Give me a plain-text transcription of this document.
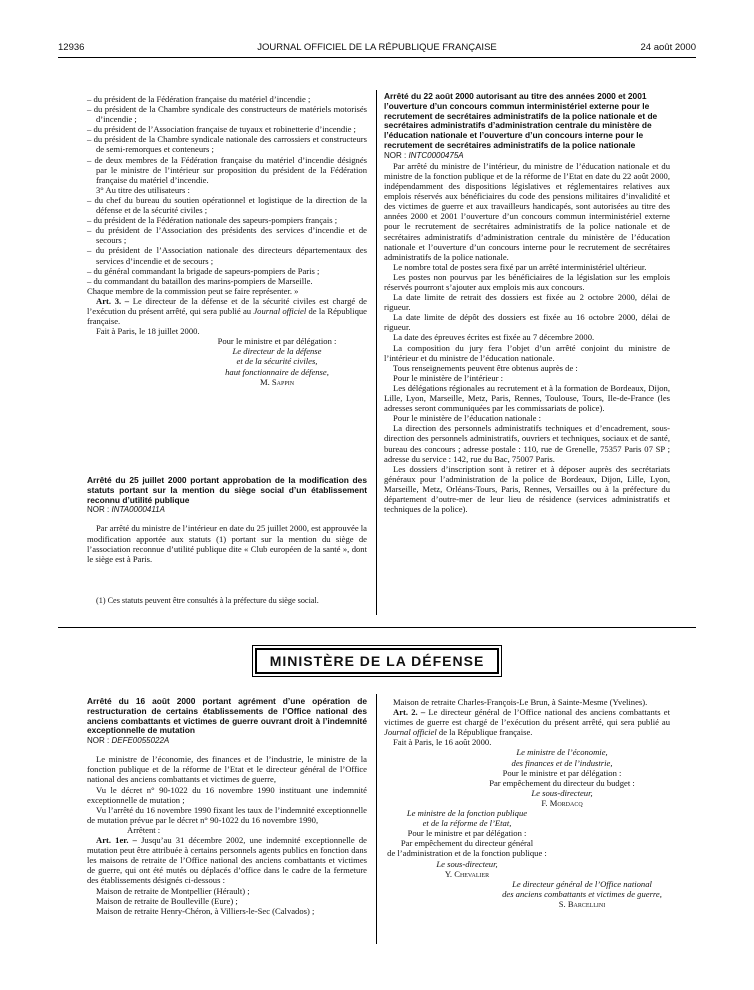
12936	JOURNAL OFFICIEL DE LA RÉPUBLIQUE FRANÇAISE	24 août 2000

– du président de la Fédération française du matériel d’incendie ;

– du président de la Chambre syndicale des constructeurs de matériels motorisés d’incendie ;

– du président de l’Association française de tuyaux et robinetterie d’incendie ;

– du président de la Chambre syndicale nationale des carrossiers et constructeurs de semi-remorques et conteneurs ;

– de deux membres de la Fédération française du matériel d’incendie désignés par le ministre de l’intérieur sur proposition du président de la Fédération française du matériel d’incendie.

3° Au titre des utilisateurs :

– du chef du bureau du soutien opérationnel et logistique de la direction de la défense et de la sécurité civiles ;

– du président de la Fédération nationale des sapeurs-pompiers français ;

– du président de l’Association des présidents des services d’incendie et de secours ;

– du président de l’Association nationale des directeurs départementaux des services d’incendie et de secours ;

– du général commandant la brigade de sapeurs-pompiers de Paris ;

– du commandant du bataillon des marins-pompiers de Marseille.

Chaque membre de la commission peut se faire représenter. »

Art. 3. – Le directeur de la défense et de la sécurité civiles est chargé de l’exécution du présent arrêté, qui sera publié au Journal officiel de la République française.

Fait à Paris, le 18 juillet 2000.

Pour le ministre et par délégation :
Le directeur de la défense
et de la sécurité civiles,
haut fonctionnaire de défense,
M. Sappin

Arrêté du 25 juillet 2000 portant approbation de la modification des statuts portant sur la mention du siège social d’un établissement reconnu d’utilité publique

NOR : INTA0000411A

Par arrêté du ministre de l’intérieur en date du 25 juillet 2000, est approuvée la modification apportée aux statuts (1) portant sur la mention du siège de l’association reconnue d’utilité publique dite « Club européen de la santé », dont le siège est à Paris.

(1) Ces statuts peuvent être consultés à la préfecture du siège social.

Arrêté du 22 août 2000 autorisant au titre des années 2000 et 2001 l’ouverture d’un concours commun interministériel externe pour le recrutement de secrétaires administratifs de la police nationale et de secrétaires administratifs d’administration centrale du ministère de l’éducation nationale et l’ouverture d’un concours interne pour le recrutement de secrétaires administratifs de la police nationale

NOR : INTC0000475A

Par arrêté du ministre de l’intérieur, du ministre de l’éducation nationale et du ministre de la fonction publique et de la réforme de l’Etat en date du 22 août 2000, indépendamment des dispositions législatives et réglementaires relatives aux emplois réservés aux bénéficiaires du code des pensions militaires d’invalidité et des victimes de guerre et aux travailleurs handicapés, sont autorisées au titre des années 2000 et 2001 l’ouverture d’un concours commun interministériel externe pour le recrutement de secrétaires administratifs de la police nationale et de secrétaires administratifs d’administration centrale du ministère de l’éducation nationale et l’ouverture d’un concours interne pour le recrutement de secrétaires administratifs de la police nationale.

Le nombre total de postes sera fixé par un arrêté interministériel ultérieur.

Les postes non pourvus par les bénéficiaires de la législation sur les emplois réservés pourront s’ajouter aux emplois mis aux concours.

La date limite de retrait des dossiers est fixée au 2 octobre 2000, délai de rigueur.

La date limite de dépôt des dossiers est fixée au 16 octobre 2000, délai de rigueur.

La date des épreuves écrites est fixée au 7 décembre 2000.

La composition du jury fera l’objet d’un arrêté conjoint du ministre de l’intérieur et du ministre de l’éducation nationale.

Tous renseignements peuvent être obtenus auprès de :

Pour le ministère de l’intérieur :

Les délégations régionales au recrutement et à la formation de Bordeaux, Dijon, Lille, Lyon, Marseille, Metz, Paris, Rennes, Toulouse, Tours, Ile-de-France (les adresses seront communiquées par les commissariats de police).

Pour le ministère de l’éducation nationale :

La direction des personnels administratifs techniques et d’encadrement, sous-direction des personnels administratifs, ouvriers et techniques, sociaux et de santé, bureau des concours ; adresse postale : 110, rue de Grenelle, 75357 Paris 07 SP ; adresse du service : 142, rue du Bac, 75007 Paris.

Les dossiers d’inscription sont à retirer et à déposer auprès des secrétariats généraux pour l’administration de la police de Bordeaux, Dijon, Lille, Lyon, Marseille, Metz, Orléans-Tours, Paris, Rennes, Versailles ou à la préfecture du département d’outre-mer de leur lieu de résidence (services administratifs et techniques de la police).

MINISTÈRE DE LA DÉFENSE

Arrêté du 16 août 2000 portant agrément d’une opération de restructuration de certains établissements de l’Office national des anciens combattants et victimes de guerre ouvrant droit à l’indemnité exceptionnelle de mutation

NOR : DEFE0055022A

Le ministre de l’économie, des finances et de l’industrie, le ministre de la fonction publique et de la réforme de l’Etat et le directeur général de l’Office national des anciens combattants et victimes de guerre,

Vu le décret n° 90-1022 du 16 novembre 1990 instituant une indemnité exceptionnelle de mutation ;

Vu l’arrêté du 16 novembre 1990 fixant les taux de l’indemnité exceptionnelle de mutation prévue par le décret n° 90-1022 du 16 novembre 1990,

Arrêtent :

Art. 1er. – Jusqu’au 31 décembre 2002, une indemnité exceptionnelle de mutation peut être attribuée à certains personnels agents publics en fonction dans les maisons de retraite de l’Office national des anciens combattants et victimes de guerre, qui ont été mutés ou déplacés d’office dans le cadre de la fermeture des établissements désignés ci-dessous :

Maison de retraite de Montpellier (Hérault) ;

Maison de retraite de Boulleville (Eure) ;

Maison de retraite Henry-Chéron, à Villiers-le-Sec (Calvados) ;

Maison de retraite Charles-François-Le Brun, à Sainte-Mesme (Yvelines).

Art. 2. – Le directeur général de l’Office national des anciens combattants et victimes de guerre est chargé de l’exécution du présent arrêté, qui sera publié au Journal officiel de la République française.

Fait à Paris, le 16 août 2000.

Le ministre de l’économie,
des finances et de l’industrie,
Pour le ministre et par délégation :
Par empêchement du directeur du budget :
Le sous-directeur,
F. Mordacq
Le ministre de la fonction publique
et de la réforme de l’Etat,
Pour le ministre et par délégation :
Par empêchement du directeur général
de l’administration et de la fonction publique :
Le sous-directeur,
Y. Chevalier
Le directeur général de l’Office national
des anciens combattants et victimes de guerre,
S. Barcellini
